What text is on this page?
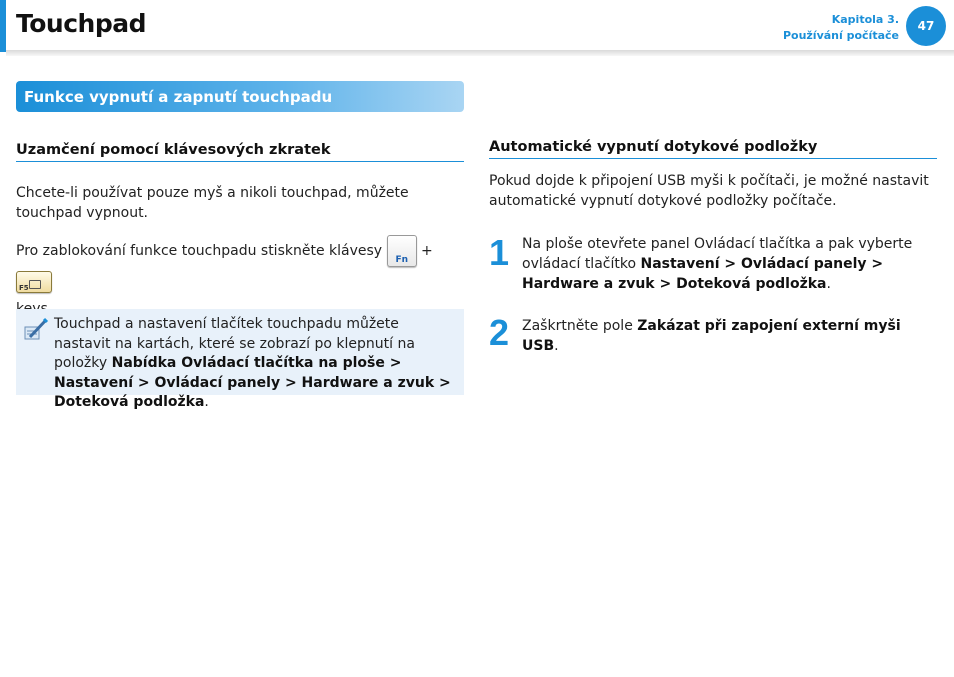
Touchpad	Kapitola 3.
Používání počítače
47
Funkce vypnutí a zapnutí touchpadu
Uzamčení pomocí klávesových zkratek

Chcete-li používat pouze myš a nikoli touchpad, můžete touchpad vypnout.

Pro zablokování funkce touchpadu stiskněte klávesy
Fn
+
F5

Touchpad a nastavení tlačítek touchpadu můžete nastavit na kartách, které se zobrazí po klepnutí na položky Nabídka Ovládací tlačítka na ploše > Nastavení > Ovládací panely > Hardware a zvuk > Doteková podložka.
Automatické vypnutí dotykové podložky

Pokud dojde k připojení USB myši k počítači, je možné nastavit automatické vypnutí dotykové podložky počítače.

1 Na ploše otevřete panel Ovládací tlačítka a pak vyberte ovládací tlačítko Nastavení > Ovládací panely > Hardware a zvuk > Doteková podložka.

2 Zaškrtněte pole Zakázat při zapojení externí myši USB.
